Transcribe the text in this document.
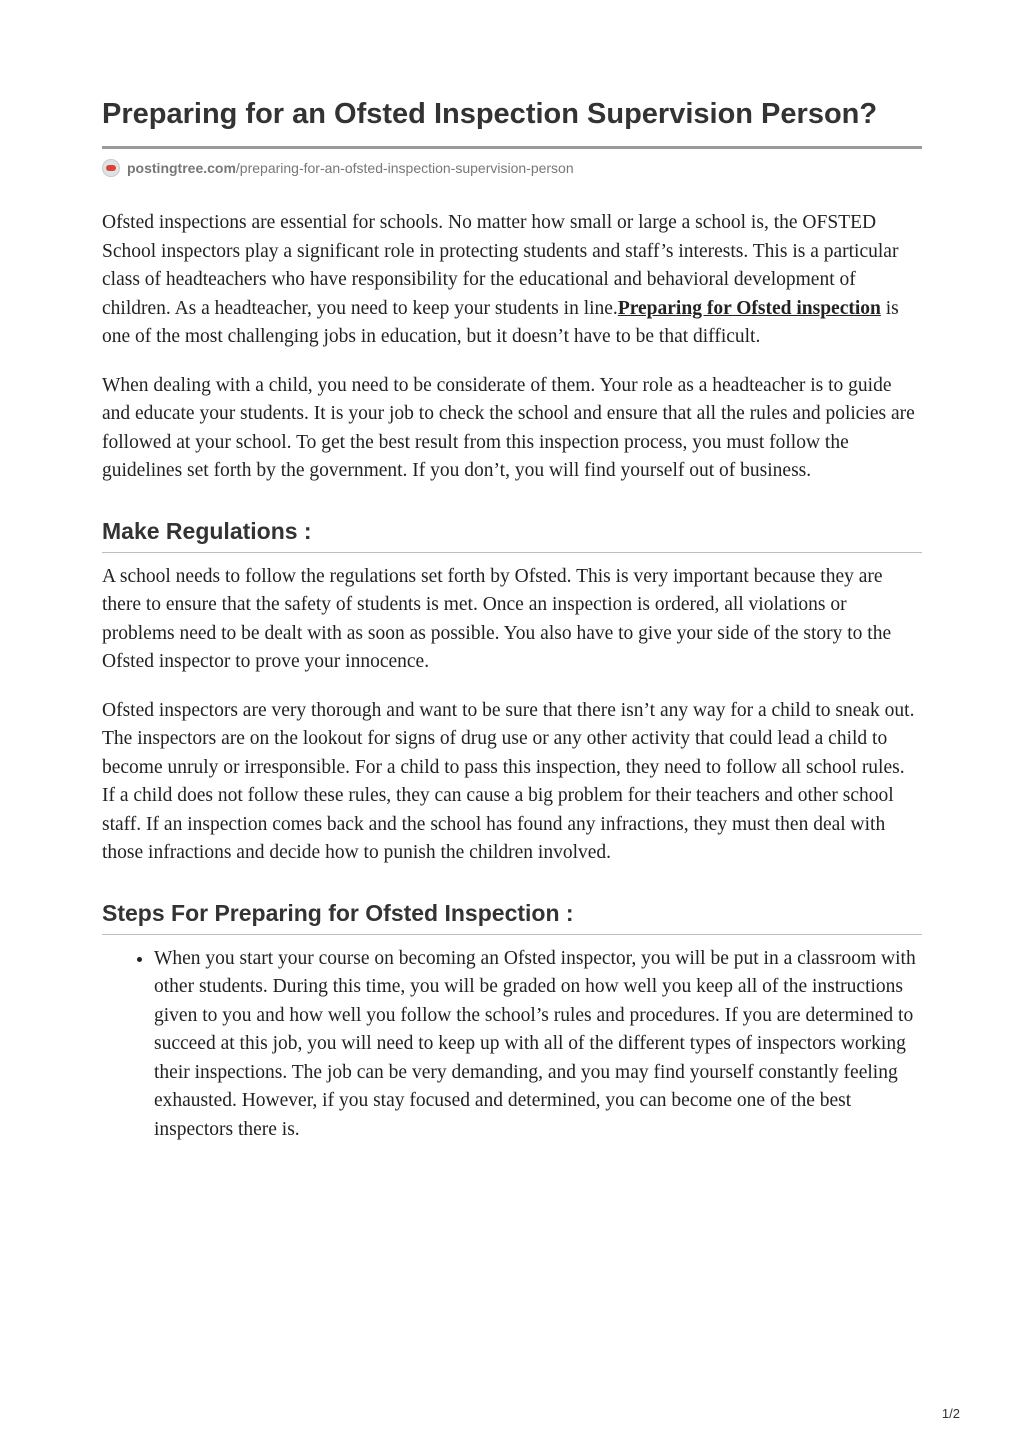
Preparing for an Ofsted Inspection Supervision Person?
postingtree.com/preparing-for-an-ofsted-inspection-supervision-person

Ofsted inspections are essential for schools. No matter how small or large a school is, the OFSTED School inspectors play a significant role in protecting students and staff’s interests. This is a particular class of headteachers who have responsibility for the educational and behavioral development of children. As a headteacher, you need to keep your students in line.Preparing for Ofsted inspection is one of the most challenging jobs in education, but it doesn’t have to be that difficult.

When dealing with a child, you need to be considerate of them. Your role as a headteacher is to guide and educate your students. It is your job to check the school and ensure that all the rules and policies are followed at your school. To get the best result from this inspection process, you must follow the guidelines set forth by the government. If you don’t, you will find yourself out of business.

Make Regulations :

A school needs to follow the regulations set forth by Ofsted. This is very important because they are there to ensure that the safety of students is met. Once an inspection is ordered, all violations or problems need to be dealt with as soon as possible. You also have to give your side of the story to the Ofsted inspector to prove your innocence.

Ofsted inspectors are very thorough and want to be sure that there isn’t any way for a child to sneak out. The inspectors are on the lookout for signs of drug use or any other activity that could lead a child to become unruly or irresponsible. For a child to pass this inspection, they need to follow all school rules. If a child does not follow these rules, they can cause a big problem for their teachers and other school staff. If an inspection comes back and the school has found any infractions, they must then deal with those infractions and decide how to punish the children involved.

Steps For Preparing for Ofsted Inspection :
• When you start your course on becoming an Ofsted inspector, you will be put in a classroom with other students. During this time, you will be graded on how well you keep all of the instructions given to you and how well you follow the school’s rules and procedures. If you are determined to succeed at this job, you will need to keep up with all of the different types of inspectors working their inspections. The job can be very demanding, and you may find yourself constantly feeling exhausted. However, if you stay focused and determined, you can become one of the best inspectors there is.
1/2
